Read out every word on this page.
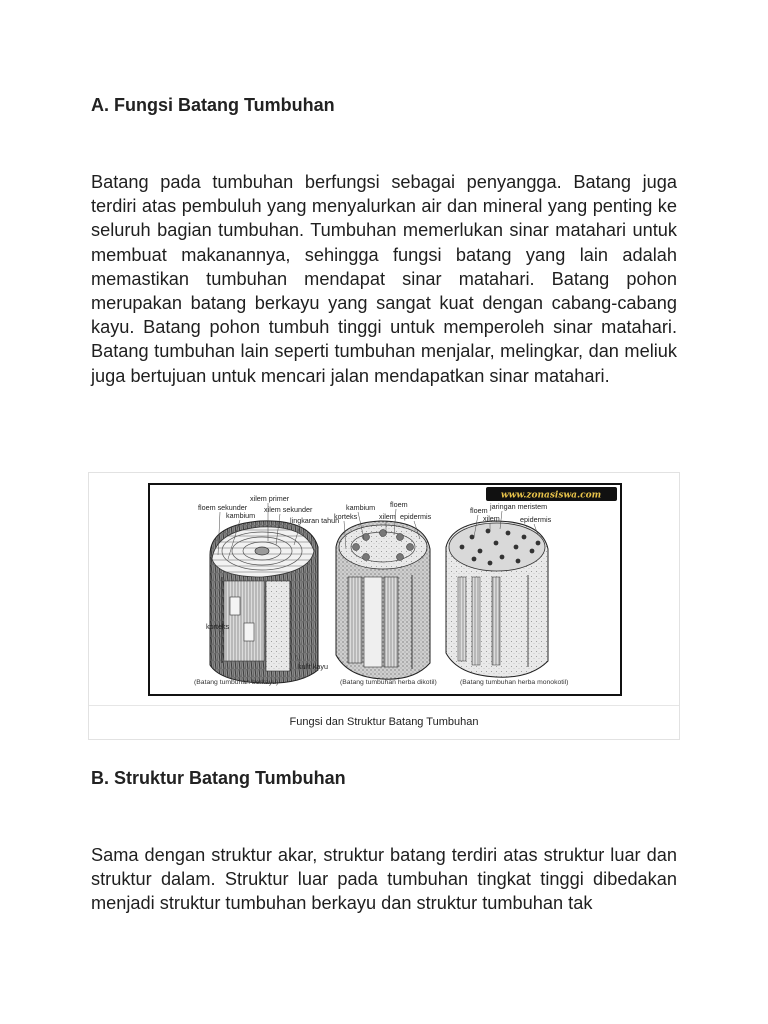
A. Fungsi Batang Tumbuhan
Batang pada tumbuhan berfungsi sebagai penyangga. Batang juga terdiri atas pembuluh yang menyalurkan air dan mineral yang penting ke seluruh bagian tumbuhan. Tumbuhan memerlukan sinar matahari untuk membuat makanannya, sehingga fungsi batang yang lain adalah memastikan tumbuhan mendapat sinar matahari. Batang pohon merupakan batang berkayu yang sangat kuat dengan cabang-cabang kayu. Batang pohon tumbuh tinggi untuk memperoleh sinar matahari. Batang tumbuhan lain seperti tumbuhan menjalar, melingkar, dan meliuk juga bertujuan untuk mencari jalan mendapatkan sinar matahari.
B. Struktur Batang Tumbuhan
Sama dengan struktur akar, struktur batang terdiri atas struktur luar dan struktur dalam. Struktur luar pada tumbuhan tingkat tinggi dibedakan menjadi struktur tumbuhan berkayu dan struktur tumbuhan tak
www.zonasiswa.com
xilem primer
floem sekunder
kambium
xilem sekunder
lingkaran tahun
korteks
kulit kayu
kambium
korteks
floem
xilem epidermis
floem jaringan meristem
xilem	epidermis
(Batang tumbuhan berkayu)	(Batang tumbuhan herba dikotil)	(Batang tumbuhan herba monokotil)
Fungsi dan Struktur Batang Tumbuhan
